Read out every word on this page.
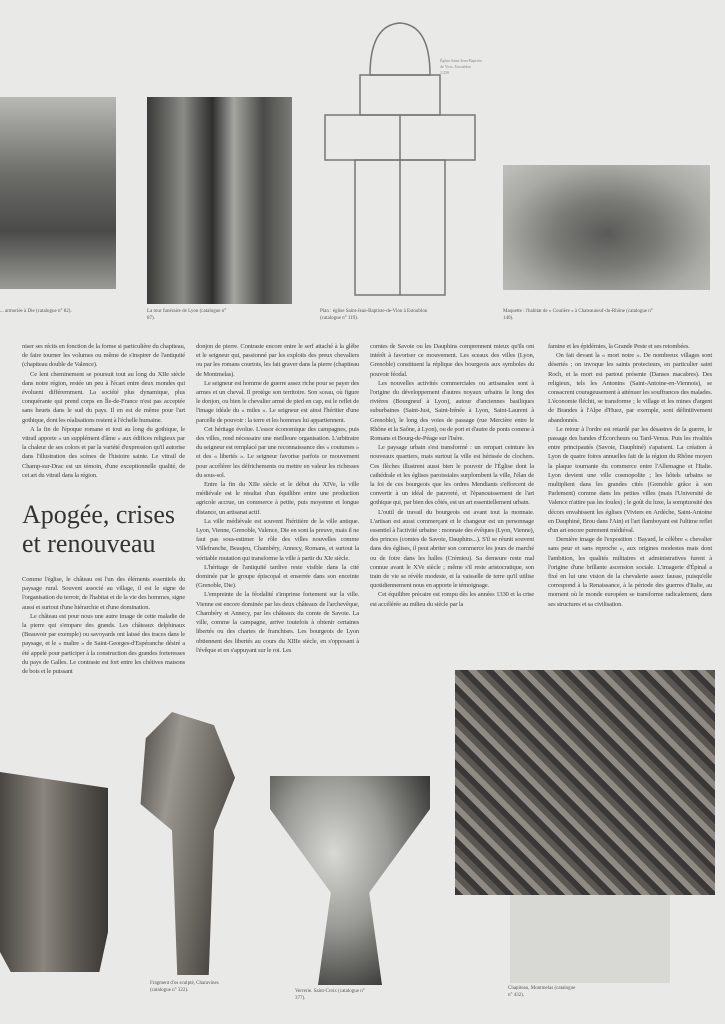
Église Saint-Jean-Baptiste
de Vion, Estoublon
1/250
... armoriée à Die (catalogue n° 82).	La tour funéraire de Lyon (catalogue n° 87).
Plan : église Saint-Jean-Baptiste-de-Vion à Estoublon (catalogue n° 119).
Maquette : l'habitat de « Coutière » à Chateauneuf-du-Rhône (catalogue n° 140).

niser ses récits en fonction de la forme si particulière du chapiteau, de faire tourner les volumes ou même de s'inspirer de l'antiquité (chapiteau double de Valence).

Ce lent cheminement se poursuit tout au long du XIIe siècle dans notre région, restée un peu à l'écart entre deux mondes qui évoluent différemment. La société plus dynamique, plus conquérante qui prend corps en Île-de-France n'est pas acceptée sans heurts dans le sud du pays. Il en est de même pour l'art gothique, dont les réalisations restent à l'échelle humaine.

A la fin de l'époque romane et tout au long du gothique, le vitrail apporte « un supplément d'âme » aux édifices religieux par la chaleur de ses colors et par la variété d'expression qu'il autorise dans l'illustration des scènes de l'histoire sainte. Le vitrail de Champ-sur-Drac est un témoin, d'une exceptionnelle qualité, de cet art du vitrail dans la région.

Apogée, crises et renouveau

Comme l'église, le château est l'un des éléments essentiels du paysage rural. Souvent associé au village, il est le signe de l'organisation du terroir, de l'habitat et de la vie des hommes, signe aussi et surtout d'une hiérarchie et d'une domination.

Le château est pour nous une autre image de cette maladie de la pierre qui s'empare des grands. Les châteaux delphinaux (Beauvoir par exemple) ou savoyards ont laissé des traces dans le paysage, et le « maître » de Saint-Georges-d'Espéranche désiré a été appelé pour participer à la construction des grandes forteresses du pays de Galles. Le contraste est fort entre les chétives maisons de bois et le puissant

donjon de pierre. Contraste encore entre le serf attaché à la glèbe et le seigneur qui, passionné par les exploits des preux chevaliers ou par les romans courtois, les fait graver dans la pierre (chapiteau de Montmelas).

Le seigneur est homme de guerre assez riche pour se payer des armes et un cheval. Il protège son territoire. Son sceau, où figure le donjon, ou bien le chevalier armé de pied en cap, est le reflet de l'image idéale du « miles ». Le seigneur est ainsi l'héritier d'une parcelle de pouvoir : la terre et les hommes lui appartiennent.

Cet héritage évolue. L'essor économique des campagnes, puis des villes, rend nécessaire une meilleure organisation. L'arbitraire du seigneur est remplacé par une reconnaissance des « coutumes » et des « libertés ». Le seigneur favorise parfois ce mouvement pour accélérer les défrichements ou mettre en valeur les richesses du sous-sol.

Entre la fin du XIIe siècle et le début du XIVe, la ville médiévale est le résultat d'un équilibre entre une production agricole accrue, un commerce à petite, puis moyenne et longue distance, un artisanat actif.

La ville médiévale est souvent l'héritière de la ville antique. Lyon, Vienne, Grenoble, Valence, Die en sont la preuve, mais il ne faut pas sous-estimer le rôle des villes nouvelles comme Villefranche, Beaujeu, Chambéry, Annecy, Romans, et surtout la véritable mutation qui transforme la ville à partir du XIe siècle.

L'héritage de l'antiquité tardive reste visible dans la cité dominée par le groupe épiscopal et enserrée dans son enceinte (Grenoble, Die).

L'empreinte de la féodalité s'imprime fortement sur la ville. Vienne est encore dominée par les deux châteaux de l'archevêque, Chambéry et Annecy, par les châteaux du comte de Savoie. La ville, comme la campagne, arrive toutefois à obtenir certaines libertés ou des chartes de franchises. Les bourgeois de Lyon obtiennent des libertés au cours du XIIIe siècle, en s'opposant à l'évêque et en s'appuyant sur le roi. Les

comtes de Savoie ou les Dauphins comprennent mieux qu'ils ont intérêt à favoriser ce mouvement. Les sceaux des villes (Lyon, Grenoble) constituent la réplique des bourgeois aux symboles du pouvoir féodal.

Les nouvelles activités commerciales ou artisanales sont à l'origine du développement d'autres noyaux urbains le long des rivières (Bourgneuf à Lyon), autour d'anciennes basiliques suburbaines (Saint-Just, Saint-Irénée à Lyon, Saint-Laurent à Grenoble), le long des voies de passage (rue Mercière entre le Rhône et la Saône, à Lyon), ou de port et d'autre de ponts comme à Romans et Bourg-de-Péage sur l'Isère.

Le paysage urbain s'est transformé : un rempart ceinture les nouveaux quartiers, mais surtout la ville est hérissée de clochers. Ces flèches illustrent aussi bien le pouvoir de l'Église dont la cathédrale et les églises paroissiales surplombent la ville, l'élan de la foi de ces bourgeois que les ordres Mendiants s'efforcent de convertir à un idéal de pauvreté, et l'épanouissement de l'art gothique qui, par bien des côtés, est un art essentiellement urbain.

L'outil de travail du bourgeois est avant tout la monnaie. L'artisan est aussi commerçant et le changeur est un personnage essentiel à l'activité urbaine : monnaie des évêques (Lyon, Vienne), des princes (comtes de Savoie, Dauphins...). S'il se réunit souvent dans des églises, il peut abriter son commerce les jours de marché ou de foire dans les halles (Crémieu). Sa demeure reste mal connue avant le XVe siècle ; même s'il reste aristocratique, son train de vie se révèle modeste, et la vaisselle de terre qu'il utilise quotidiennement nous en apporte le témoignage.

Cet équilibre précaire est rompu dès les années 1330 et la crise est accélérée au milieu du siècle par la

famine et les épidémies, la Grande Peste et ses retombées.

On fait devant la « mort noire ». De nombreux villages sont désertés ; on invoque les saints protecteurs, en particulier saint Roch, et la mort est partout présente (Danses macabres). Des religieux, tels les Antonins (Saint-Antoine-en-Viennois), se consacrent courageusement à atténuer les souffrances des malades. L'économie fléchit, se transforme ; le village et les mines d'argent de Brandes à l'Alpe d'Huez, par exemple, sont définitivement abandonnés.

Le retour à l'ordre est retardé par les désastres de la guerre, le passage des bandes d'Écorcheurs ou Tard-Venus. Puis les rivalités entre principautés (Savoie, Dauphiné) s'apaisent. La création à Lyon de quatre foires annuelles fait de la région du Rhône moyen la plaque tournante du commerce entre l'Allemagne et l'Italie. Lyon devient une ville cosmopolite ; les hôtels urbains se multiplient dans les grandes cités (Grenoble grâce à son Parlement) comme dans les petites villes (mais l'Université de Valence n'attire pas les foules) ; le goût du luxe, la somptuosité des décors envahissent les églises (Viviers en Ardèche, Saint-Antoine en Dauphiné, Brou dans l'Ain) et l'art flamboyant est l'ultime reflet d'un art encore purement médiéval.

Dernière image de l'exposition : Bayard, le célèbre « chevalier sans peur et sans reproche », aux origines modestes mais dont l'ambition, les qualités militaires et administratives furent à l'origine d'une brillante ascension sociale. L'imagerie d'Épinal a fixé en lui une vision de la chevalerie assez fausse, puisqu'elle correspond à la Renaissance, à la période des guerres d'Italie, au moment où le monde européen se transforme radicalement, dans ses structures et sa civilisation.

Fragment d'os sculpté, Charavines (catalogue n° 322).	Verrerie. Saint-Croix (catalogue n° 377).
Chapiteau, Montmelas (catalogue n° 432).
